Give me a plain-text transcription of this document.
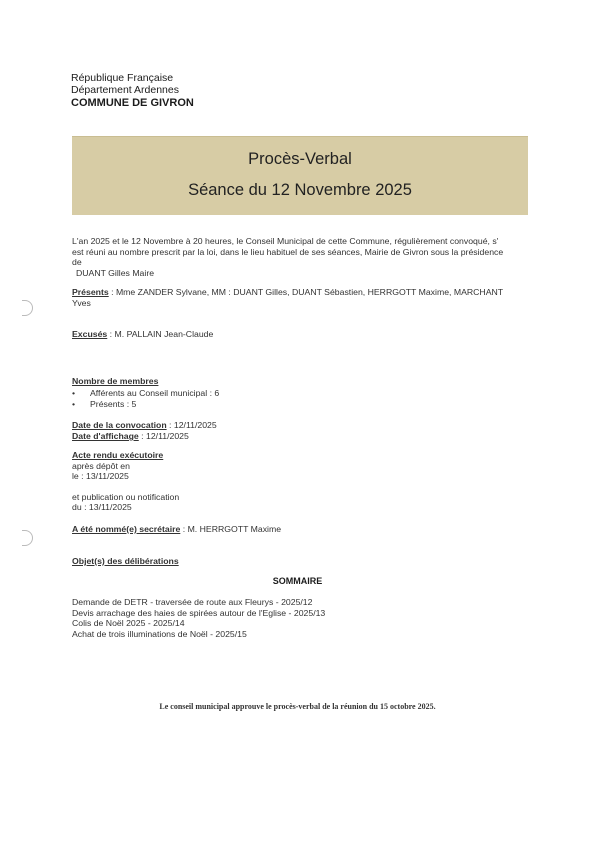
République Française
Département Ardennes
COMMUNE DE GIVRON
Procès-Verbal
Séance du 12 Novembre 2025
L'an 2025 et le 12 Novembre à 20 heures, le Conseil Municipal de cette Commune, régulièrement convoqué, s'
est réuni au nombre prescrit par la loi, dans le lieu habituel de ses séances, Mairie de Givron sous la présidence
de
DUANT Gilles Maire
Présents : Mme ZANDER Sylvane, MM : DUANT Gilles, DUANT Sébastien, HERRGOTT Maxime, MARCHANT
Yves
Excusés : M. PALLAIN Jean-Claude
Nombre de membres
• Afférents au Conseil municipal : 6
• Présents : 5
Date de la convocation : 12/11/2025
Date d'affichage : 12/11/2025
Acte rendu exécutoire
après dépôt en
le : 13/11/2025
et publication ou notification
du : 13/11/2025
A été nommé(e) secrétaire : M. HERRGOTT Maxime
Objet(s) des délibérations
SOMMAIRE
Demande de DETR - traversée de route aux Fleurys - 2025/12
Devis arrachage des haies de spirées autour de l'Eglise - 2025/13
Colis de Noël 2025 - 2025/14
Achat de trois illuminations de Noël - 2025/15
Le conseil municipal approuve le procès-verbal de la réunion du 15 octobre 2025.
